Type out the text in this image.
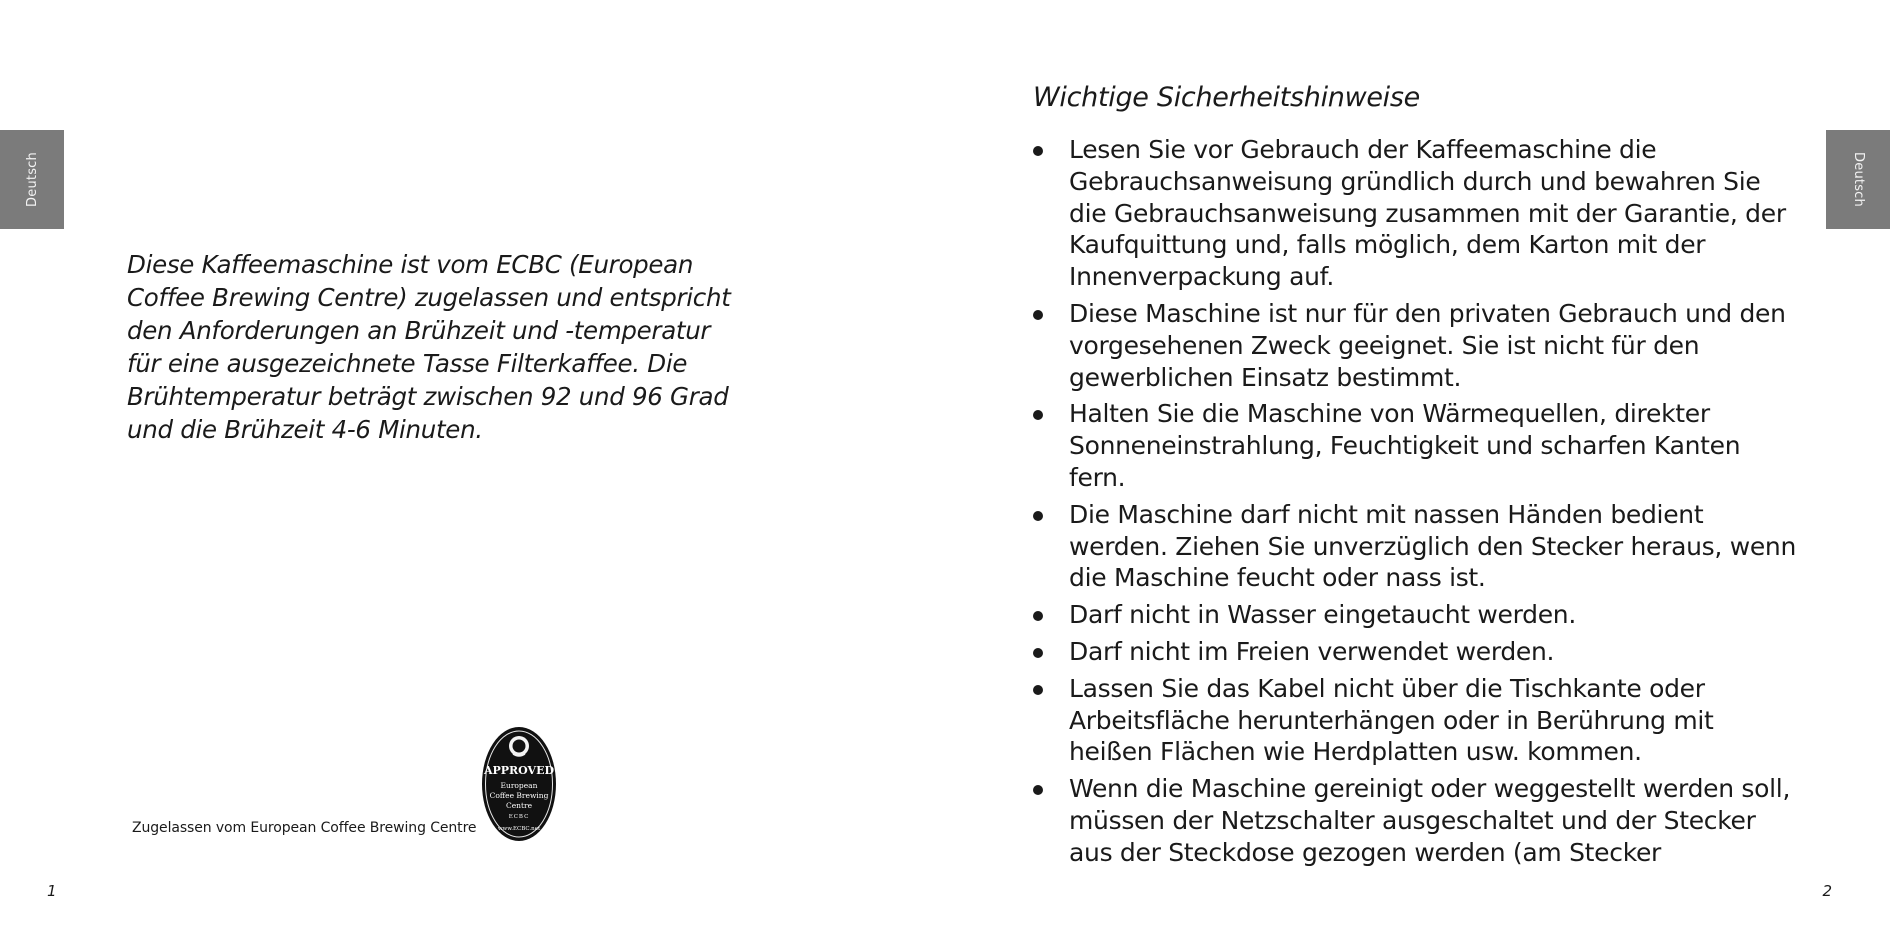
Deutsch

Diese Kaffeemaschine ist vom ECBC (European Coffee Brewing Centre) zugelassen und entspricht den Anforderungen an Brühzeit und -temperatur für eine ausgezeichnete Tasse Filterkaffee. Die Brühtemperatur beträgt zwischen 92 und 96 Grad und die Brühzeit 4-6 Minuten.

Zugelassen vom European Coffee Brewing Centre

APPROVED
European
Coffee Brewing
Centre
ECBC
www.ECBC.net
1
Wichtige Sicherheitshinweise
Lesen Sie vor Gebrauch der Kaffeemaschine die Gebrauchsanweisung gründlich durch und bewahren Sie die Gebrauchsanweisung zusammen mit der Garantie, der Kaufquittung und, falls möglich, dem Karton mit der Innenverpackung auf.
Diese Maschine ist nur für den privaten Gebrauch und den vorgesehenen Zweck geeignet. Sie ist nicht für den gewerblichen Einsatz bestimmt.
Halten Sie die Maschine von Wärmequellen, direkter Sonneneinstrahlung, Feuchtigkeit und scharfen Kanten fern.
Die Maschine darf nicht mit nassen Händen bedient werden. Ziehen Sie unverzüglich den Stecker heraus, wenn die Maschine feucht oder nass ist.
Darf nicht in Wasser eingetaucht werden.
Darf nicht im Freien verwendet werden.
Lassen Sie das Kabel nicht über die Tischkante oder Arbeitsfläche herunterhängen oder in Berührung mit heißen Flächen wie Herdplatten usw. kommen.
Wenn die Maschine gereinigt oder weggestellt werden soll, müssen der Netzschalter ausgeschaltet und der Stecker aus der Steckdose gezogen werden (am Stecker
Deutsch
2
